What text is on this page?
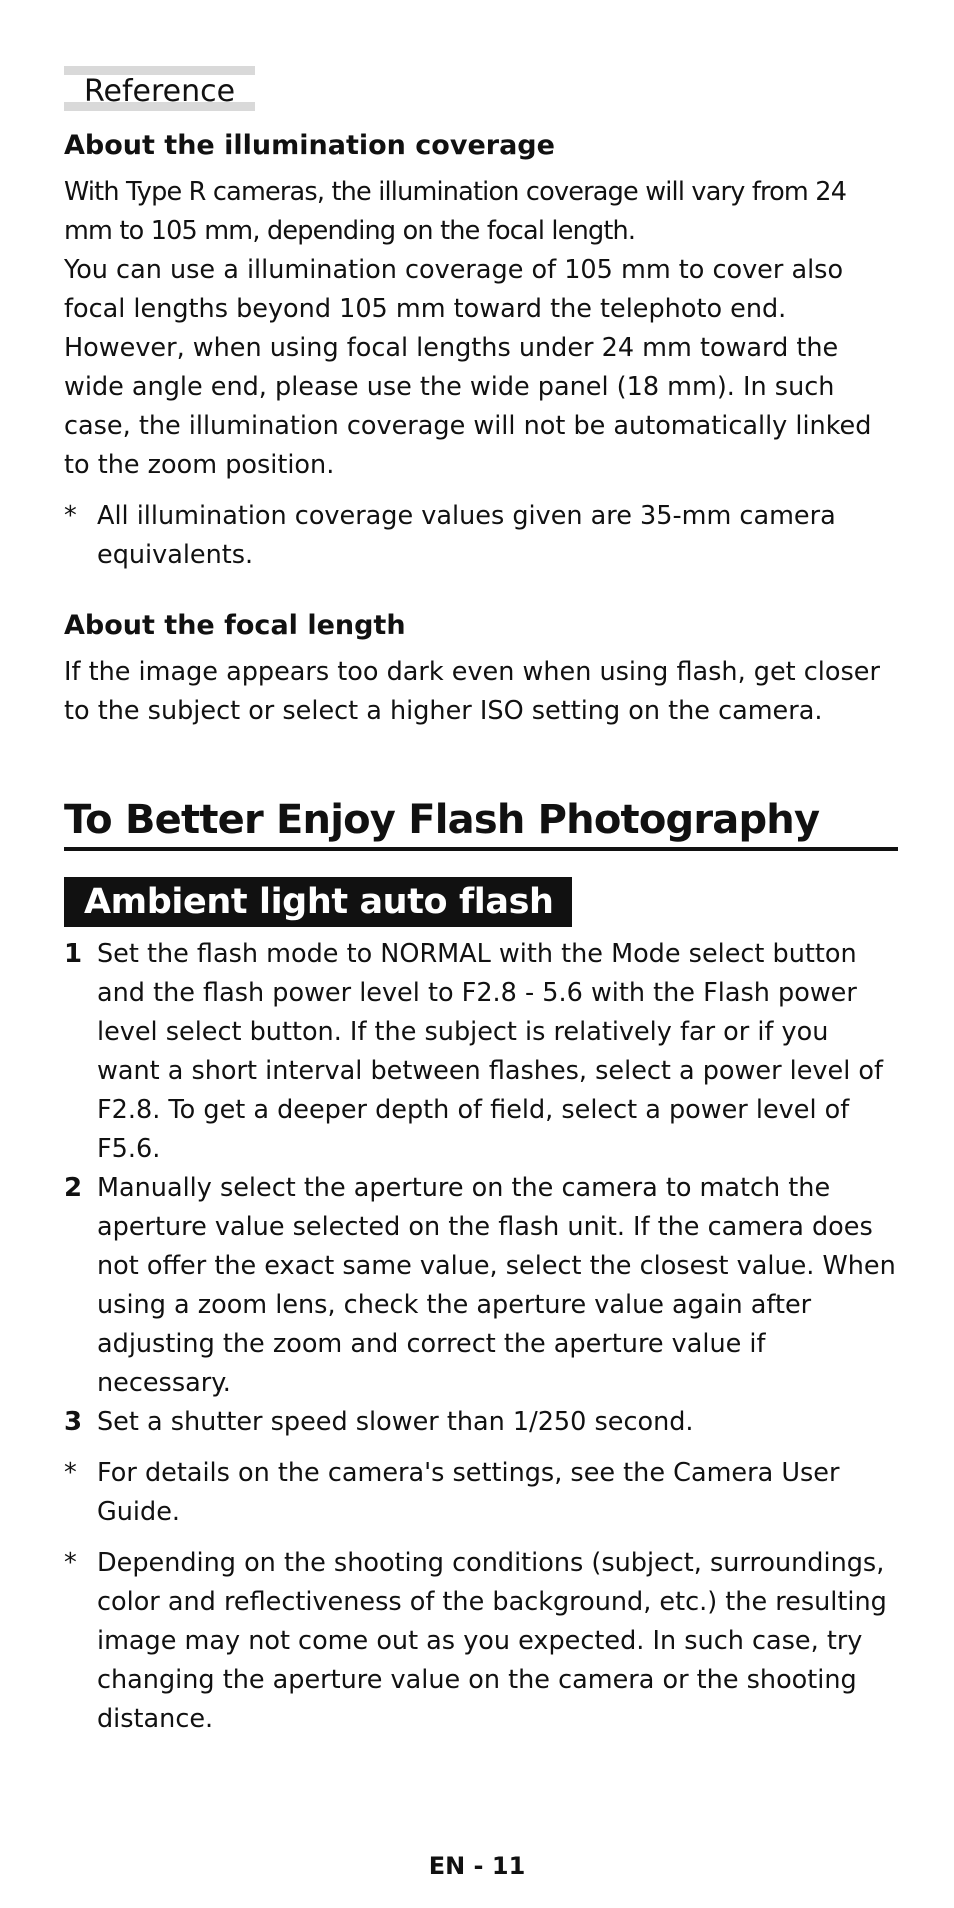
Reference
About the illumination coverage

With Type R cameras, the illumination coverage will vary from 24 mm to 105 mm, depending on the focal length.

You can use a illumination coverage of 105 mm to cover also focal lengths beyond 105 mm toward the telephoto end. However, when using focal lengths under 24 mm toward the wide angle end, please use the wide panel (18 mm). In such case, the illumination coverage will not be automatically linked to the zoom position.

* All illumination coverage values given are 35-mm camera equivalents.
About the focal length

If the image appears too dark even when using flash, get closer to the subject or select a higher ISO setting on the camera.

To Better Enjoy Flash Photography
Ambient light auto flash
1 Set the flash mode to NORMAL with the Mode select button and the flash power level to F2.8 - 5.6 with the Flash power level select button. If the subject is relatively far or if you want a short interval between flashes, select a power level of F2.8. To get a deeper depth of field, select a power level of F5.6.
2 Manually select the aperture on the camera to match the aperture value selected on the flash unit. If the camera does not offer the exact same value, select the closest value. When using a zoom lens, check the aperture value again after adjusting the zoom and correct the aperture value if necessary.
3 Set a shutter speed slower than 1/250 second.
* For details on the camera's settings, see the Camera User Guide.
* Depending on the shooting conditions (subject, surroundings, color and reflectiveness of the background, etc.) the resulting image may not come out as you expected. In such case, try changing the aperture value on the camera or the shooting distance.
EN - 11
